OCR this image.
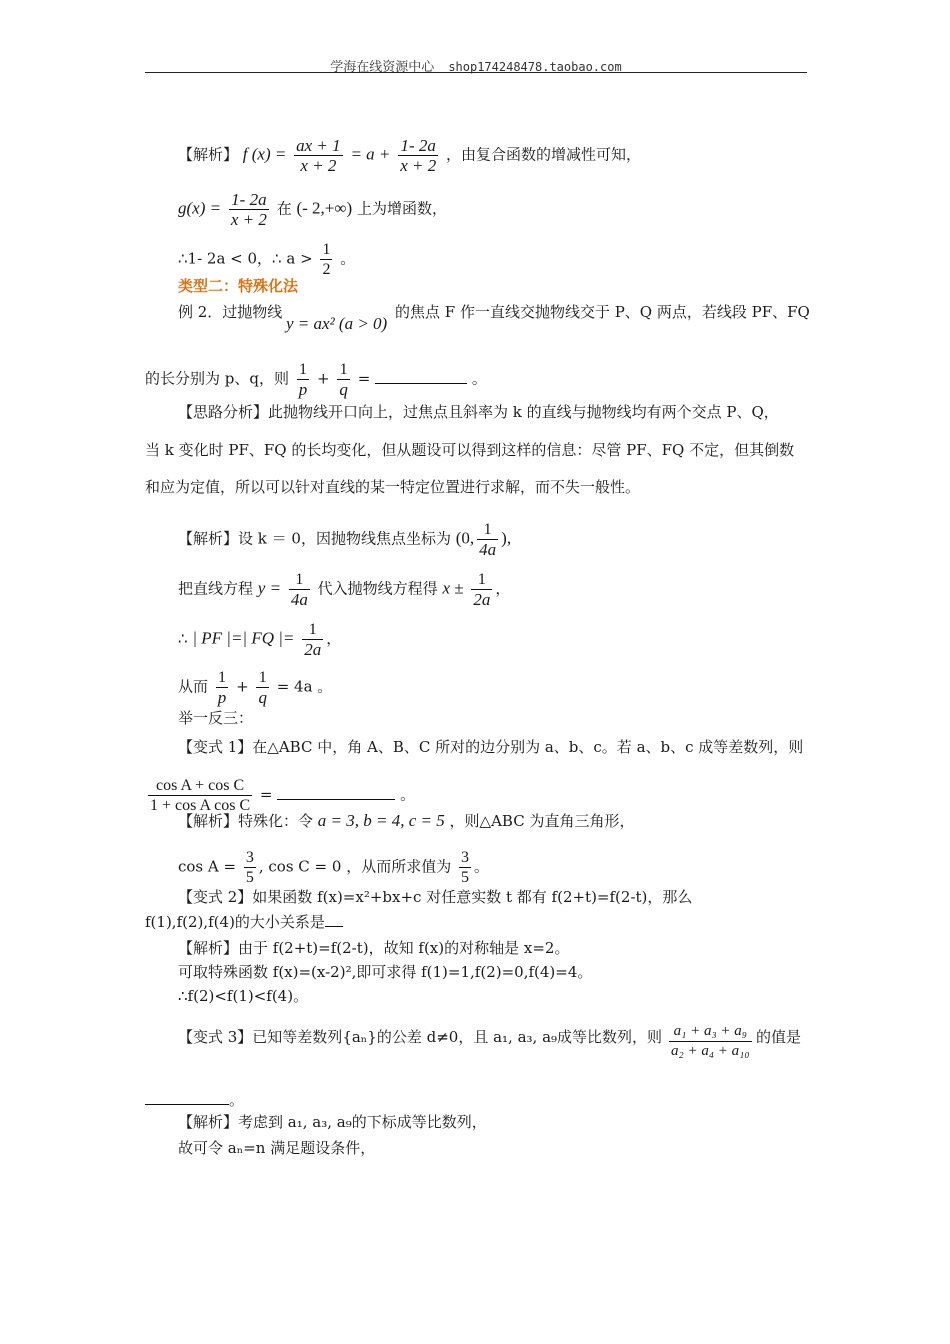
学海在线资源中心 shop174248478.taobao.com
【解析】 f $(x) = \frac{ax + 1}{x + 2} = a + \frac{1- 2a}{x + 2}$ ，由复合函数的增减性可知，
$g(x) = \frac{1- 2a}{x + 2}$ 在 (- 2,+∞) 上为增函数，
∴1- 2a < 0，∴ $a > \frac{1}{2}$ 。
类型二：特殊化法
例 2．过抛物线
y = ax² (a > 0)
的焦点 F 作一直线交抛物线交于 P、Q 两点，若线段 PF、FQ
的长分别为 p、q，则 $\frac{1}{p} + \frac{1}{q}$ =	。
【思路分析】此抛物线开口向上，过焦点且斜率为 k 的直线与抛物线均有两个交点 P、Q，
当 k 变化时 PF、FQ 的长均变化，但从题设可以得到这样的信息：尽管 PF、FQ 不定，但其倒数
和应为定值，所以可以针对直线的某一特定位置进行求解，而不失一般性。
【解析】设 k ＝ 0，因抛物线焦点坐标为 (0, $\frac{1}{4a}$ ),
把直线方程 $y = \frac{1}{4a}$ 代入抛物线方程得 $x \pm \frac{1}{2a}$ ，
∴ | PF |=| FQ |= $\frac{1}{2a}$ ，
从而 $\frac{1}{p} + \frac{1}{q} = 4a$ 。
举一反三：
【变式 1】在△ABC 中，角 A、B、C 所对的边分别为 a、b、c。若 a、b、c 成等差数列，则
$\frac{\text{cos A + cos C}}{\text{1 + cos A cos C}}$ =	。
【解析】特殊化：令 a = 3, b = 4, c = 5 ，则△ABC 为直角三角形，
$\cos A = \frac{3}{5}$ , cos C = 0 ，从而所求值为 $\frac{3}{5}$ 。
【变式 2】如果函数 f(x)=x²+bx+c 对任意实数 t 都有 f(2+t)=f(2-t)，那么
f(1),f(2),f(4)的大小关系是
【解析】由于 f(2+t)=f(2-t)，故知 f(x)的对称轴是 x=2。
可取特殊函数 f(x)=(x-2)²,即可求得 f(1)=1,f(2)=0,f(4)=4。
∴f(2)<f(1)<f(4)。
【变式 3】已知等差数列{aₙ}的公差 d≠0，且 a₁, a₃, a₉成等比数列，则 $\frac{\text{a₁ + a₃ + a₉}}{\text{a₂ + a₄ + a₁₀}}$ 的值是
。
【解析】考虑到 a₁, a₃, a₉的下标成等比数列，
故可令 aₙ=n 满足题设条件，
